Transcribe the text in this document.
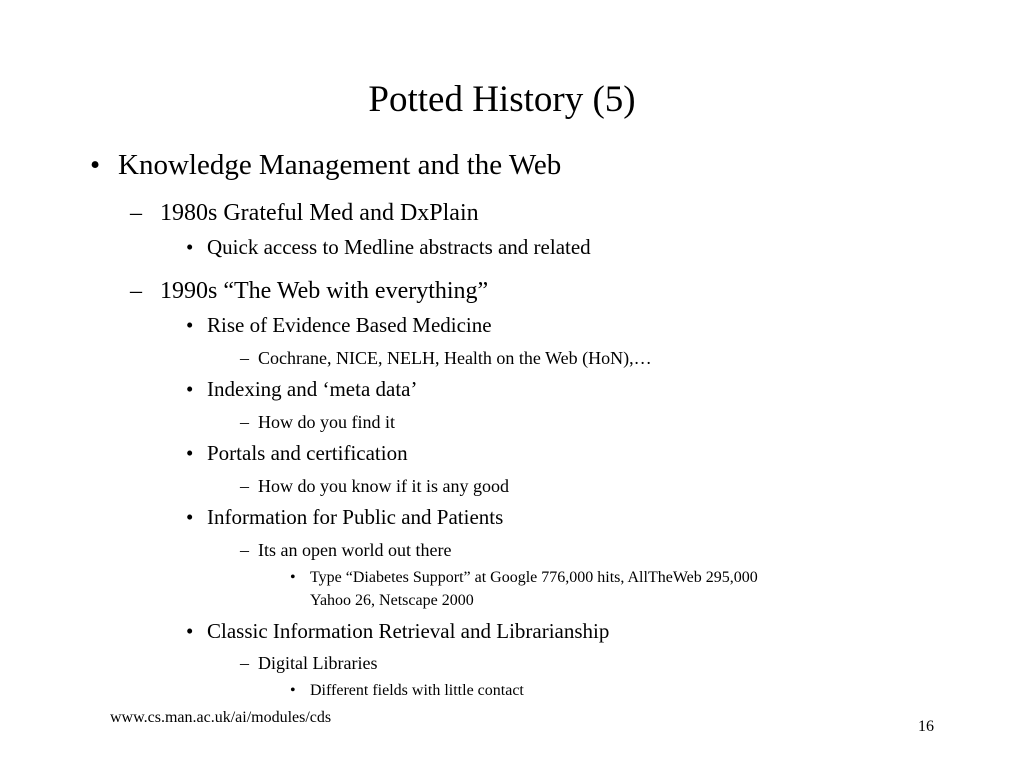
Potted History (5)
• Knowledge Management and the Web
– 1980s Grateful Med and DxPlain
• Quick access to Medline abstracts and related
– 1990s “The Web with everything”
• Rise of Evidence Based Medicine
– Cochrane, NICE, NELH, Health on the Web (HoN),…
• Indexing and ‘meta data’
– How do you find it
• Portals and certification
– How do you know if it is any good
• Information for Public and Patients
– Its an open world out there
• Type “Diabetes Support” at Google 776,000 hits, AllTheWeb 295,000
Yahoo 26, Netscape 2000
• Classic Information Retrieval and Librarianship
– Digital Libraries
• Different fields with little contact
www.cs.man.ac.uk/ai/modules/cds
16
